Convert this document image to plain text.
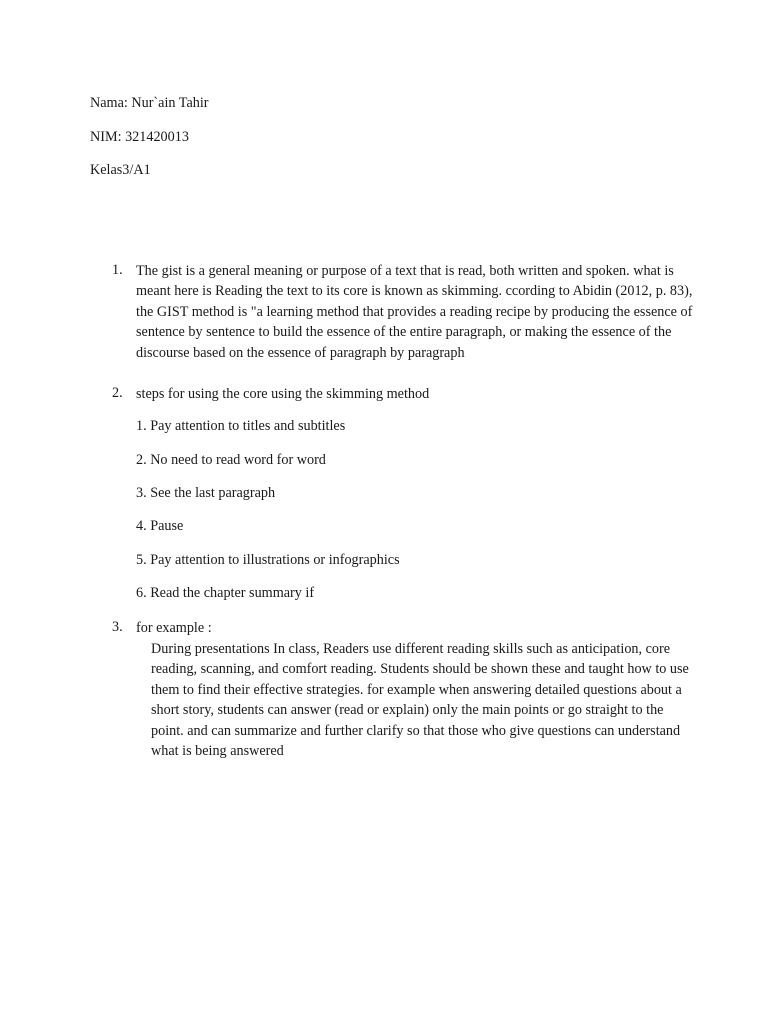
Nama: Nur`ain Tahir
NIM: 321420013
Kelas3/A1
1. The gist is a general meaning or purpose of a text that is read, both written and spoken. what is meant here is Reading the text to its core is known as skimming. ccording to Abidin (2012, p. 83), the GIST method is "a learning method that provides a reading recipe by producing the essence of sentence by sentence to build the essence of the entire paragraph, or making the essence of the discourse based on the essence of paragraph by paragraph
2. steps for using the core using the skimming method
1. Pay attention to titles and subtitles
2. No need to read word for word
3. See the last paragraph
4. Pause
5. Pay attention to illustrations or infographics
6. Read the chapter summary if
3. for example :
During presentations In class, Readers use different reading skills such as anticipation, core reading, scanning, and comfort reading. Students should be shown these and taught how to use them to find their effective strategies. for example when answering detailed questions about a short story, students can answer (read or explain) only the main points or go straight to the point. and can summarize and further clarify so that those who give questions can understand what is being answered
